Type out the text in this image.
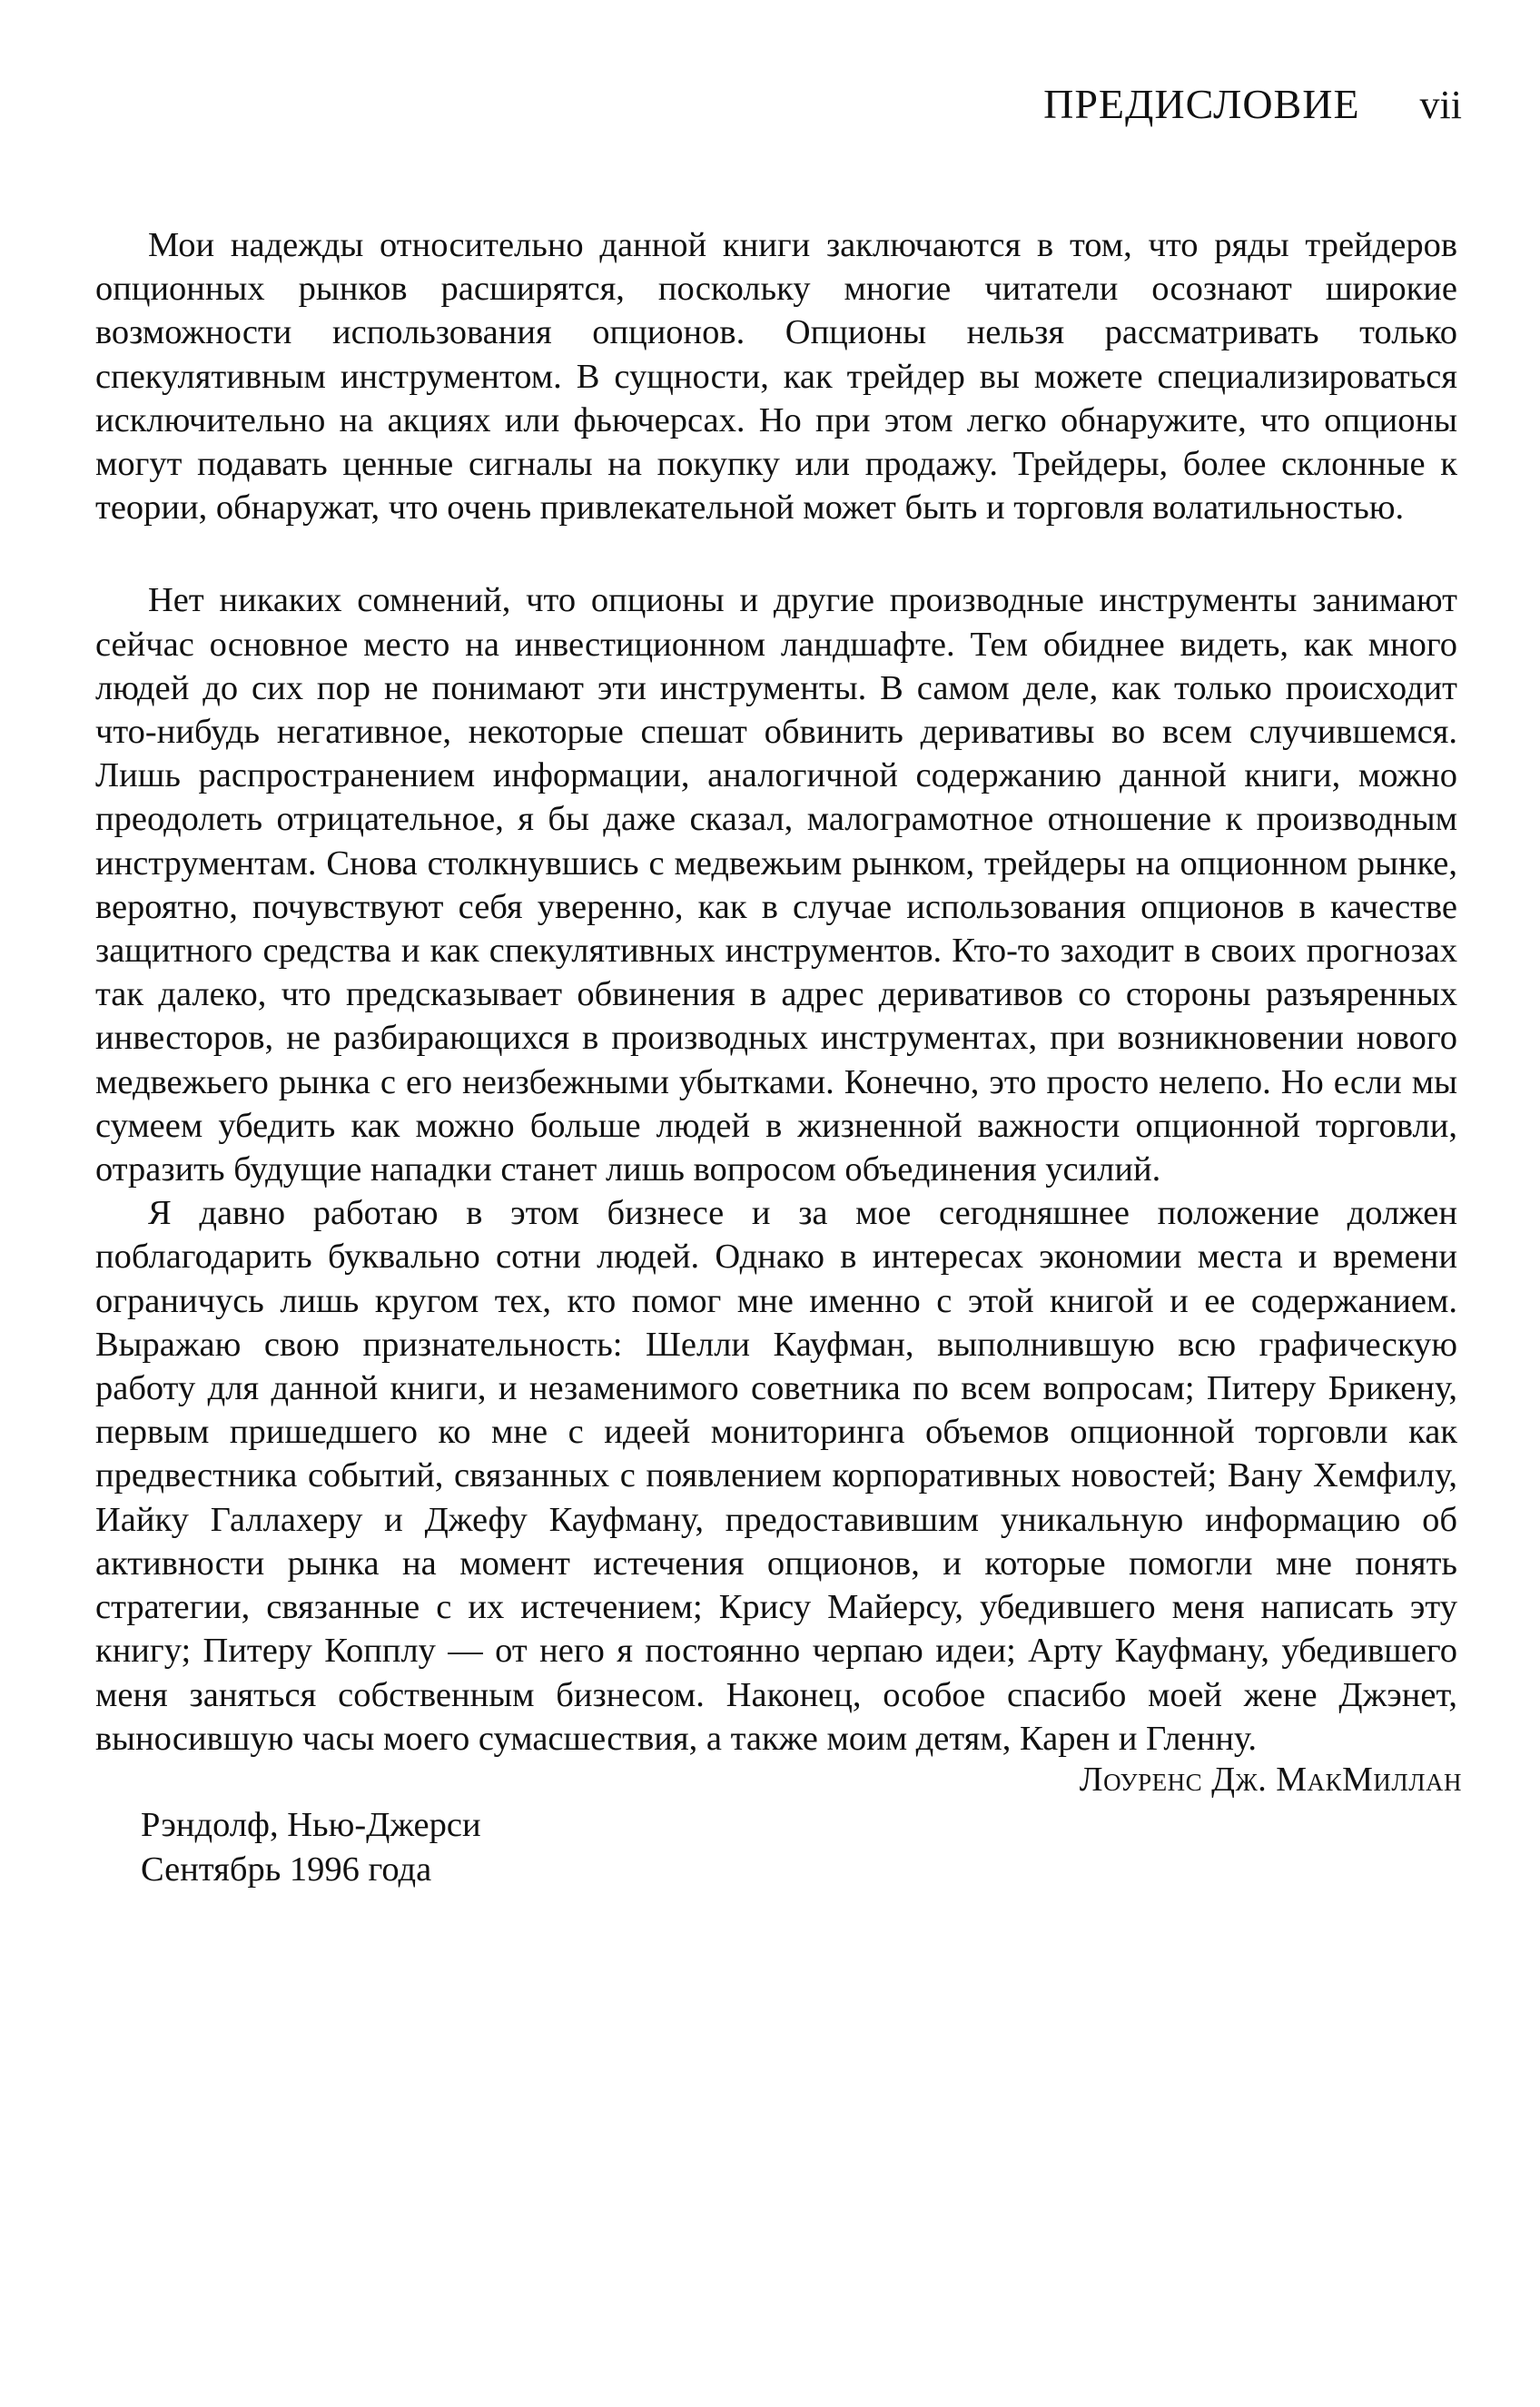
ПРЕДИСЛОВИЕ vii

Мои надежды относительно данной книги заключаются в том, что ряды трейдеров опционных рынков расширятся, поскольку многие читатели осознают широкие возможности использования опционов. Опционы нельзя рассматривать только спекулятивным инструментом. В сущности, как трейдер вы можете специализироваться исключительно на акциях или фьючерсах. Но при этом легко обнаружите, что опционы могут подавать ценные сигналы на покупку или продажу. Трейдеры, более склонные к теории, обнаружат, что очень привлекательной может быть и торговля волатильностью.

Нет никаких сомнений, что опционы и другие производные инструменты занимают сейчас основное место на инвестиционном ландшафте. Тем обиднее видеть, как много людей до сих пор не понимают эти инструменты. В самом деле, как только происходит что-нибудь негативное, некоторые спешат обвинить деривативы во всем случившемся. Лишь распространением информации, аналогичной содержанию данной книги, можно преодолеть отрицательное, я бы даже сказал, малограмотное отношение к производным инструментам. Снова столкнувшись с медвежьим рынком, трейдеры на опционном рынке, вероятно, почувствуют себя уверенно, как в случае использования опционов в качестве защитного средства и как спекулятивных инструментов. Кто-то заходит в своих прогнозах так далеко, что предсказывает обвинения в адрес деривативов со стороны разъяренных инвесторов, не разбирающихся в производных инструментах, при возникновении нового медвежьего рынка с его неизбежными убытками. Конечно, это просто нелепо. Но если мы сумеем убедить как можно больше людей в жизненной важности опционной торговли, отразить будущие нападки станет лишь вопросом объединения усилий.

Я давно работаю в этом бизнесе и за мое сегодняшнее положение должен поблагодарить буквально сотни людей. Однако в интересах экономии места и времени ограничусь лишь кругом тех, кто помог мне именно с этой книгой и ее содержанием. Выражаю свою признательность: Шелли Кауфман, выполнившую всю графическую работу для данной книги, и незаменимого советника по всем вопросам; Питеру Брикену, первым пришедшего ко мне с идеей мониторинга объемов опционной торговли как предвестника событий, связанных с появлением корпоративных новостей; Вану Хемфилу, Иайку Галлахеру и Джефу Кауфману, предоставившим уникальную информацию об активности рынка на момент истечения опционов, и которые помогли мне понять стратегии, связанные с их истечением; Крису Майерсу, убедившего меня написать эту книгу; Питеру Копплу — от него я постоянно черпаю идеи; Арту Кауфману, убедившего меня заняться собственным бизнесом. Наконец, особое спасибо моей жене Джэнет, выносившую часы моего сумасшествия, а также моим детям, Карен и Гленну.

Лоуренс Дж. МакМиллан
Рэндолф, Нью-Джерси
Сентябрь 1996 года
